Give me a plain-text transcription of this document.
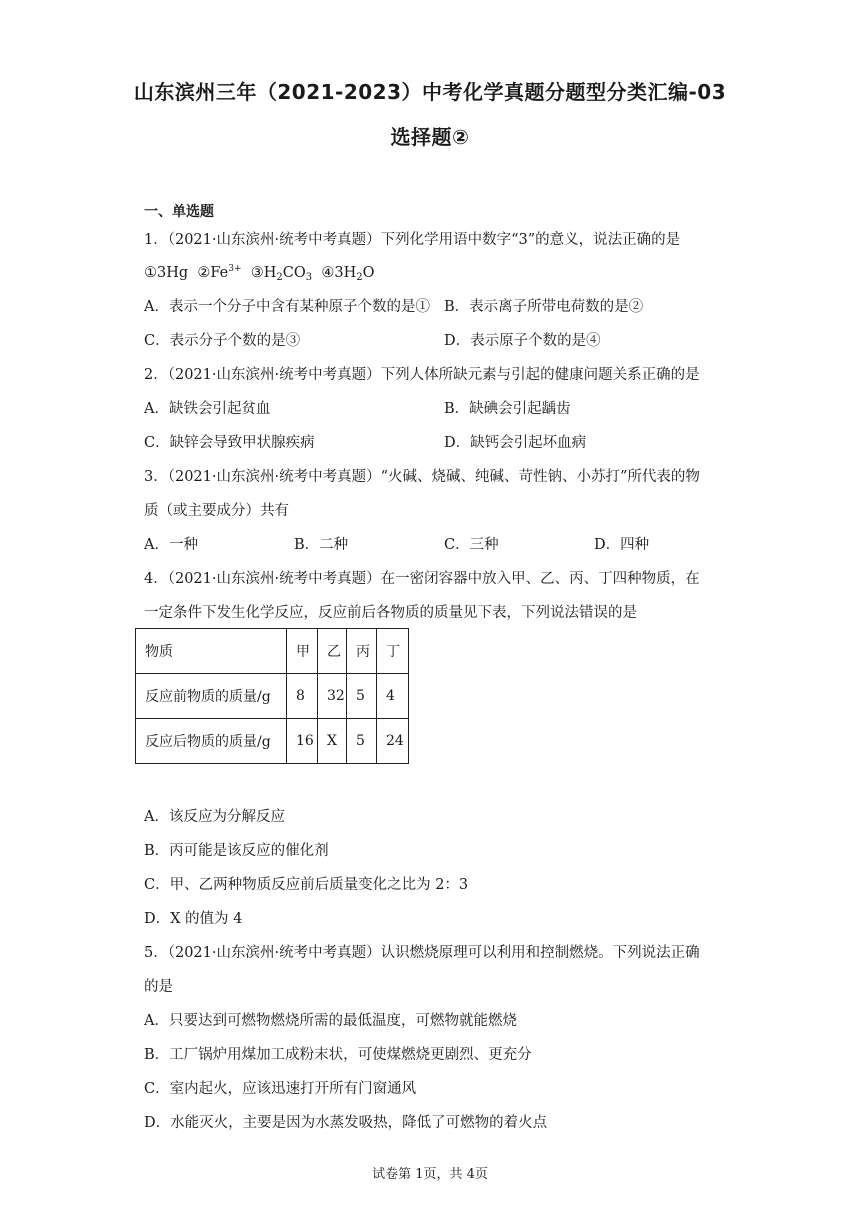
山东滨州三年（2021-2023）中考化学真题分题型分类汇编-03
选择题②
一、单选题
1．（2021·山东滨州·统考中考真题）下列化学用语中数字“3”的意义，说法正确的是
①3Hg $②Fe^{3+}$ $③H_2CO_3$ $④3H_2O$
A．表示一个分子中含有某种原子个数的是① B．表示离子所带电荷数的是②
C．表示分子个数的是③	D．表示原子个数的是④
2．（2021·山东滨州·统考中考真题）下列人体所缺元素与引起的健康问题关系正确的是
A．缺铁会引起贫血	B．缺碘会引起龋齿
C．缺锌会导致甲状腺疾病	D．缺钙会引起坏血病
3．（2021·山东滨州·统考中考真题）“火碱、烧碱、纯碱、苛性钠、小苏打”所代表的物
质（或主要成分）共有
A．一种	B．二种	C．三种	D．四种
4．（2021·山东滨州·统考中考真题）在一密闭容器中放入甲、乙、丙、丁四种物质，在
一定条件下发生化学反应，反应前后各物质的质量见下表，下列说法错误的是
物质	甲	乙	丙	丁
反应前物质的质量/g	8	32	5	4
反应后物质的质量/g	16	X	5	24
A．该反应为分解反应
B．丙可能是该反应的催化剂
C．甲、乙两种物质反应前后质量变化之比为 2：3
D．X 的值为 4
5．（2021·山东滨州·统考中考真题）认识燃烧原理可以利用和控制燃烧。下列说法正确
的是
A．只要达到可燃物燃烧所需的最低温度，可燃物就能燃烧
B．工厂锅炉用煤加工成粉末状，可使煤燃烧更剧烈、更充分
C．室内起火，应该迅速打开所有门窗通风
D．水能灭火，主要是因为水蒸发吸热，降低了可燃物的着火点
试卷第 1页，共 4页
